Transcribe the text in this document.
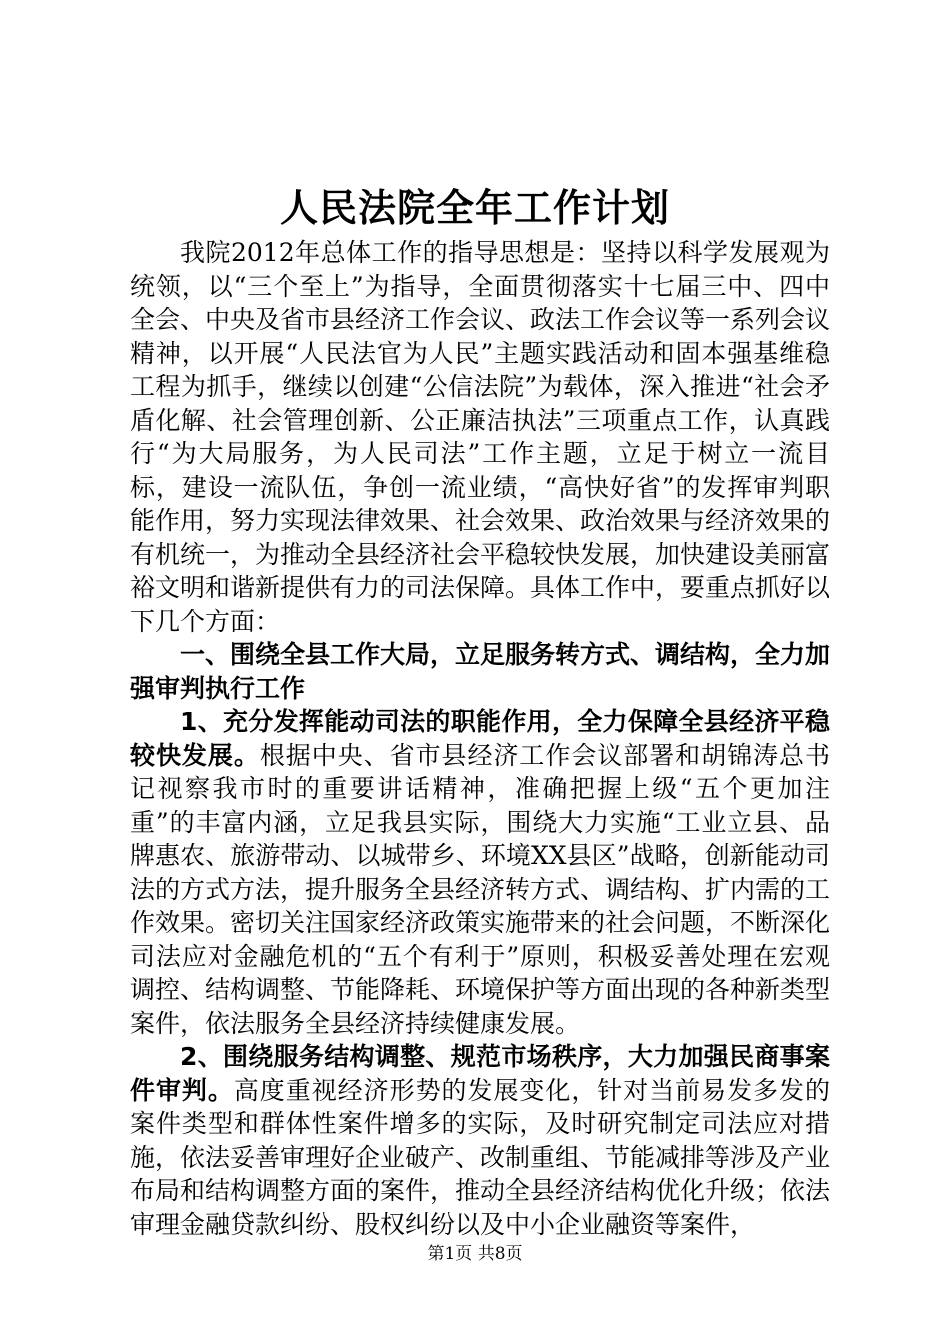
人民法院全年工作计划

我院2012年总体工作的指导思想是：坚持以科学发展观为统领，以“三个至上”为指导，全面贯彻落实十七届三中、四中全会、中央及省市县经济工作会议、政法工作会议等一系列会议精神，以开展“人民法官为人民”主题实践活动和固本强基维稳工程为抓手，继续以创建“公信法院”为载体，深入推进“社会矛盾化解、社会管理创新、公正廉洁执法”三项重点工作，认真践行“为大局服务，为人民司法”工作主题，立足于树立一流目标，建设一流队伍，争创一流业绩，“高快好省”的发挥审判职能作用，努力实现法律效果、社会效果、政治效果与经济效果的有机统一，为推动全县经济社会平稳较快发展，加快建设美丽富裕文明和谐新提供有力的司法保障。具体工作中，要重点抓好以下几个方面：

一、围绕全县工作大局，立足服务转方式、调结构，全力加强审判执行工作

1、充分发挥能动司法的职能作用，全力保障全县经济平稳较快发展。根据中央、省市县经济工作会议部署和胡锦涛总书记视察我市时的重要讲话精神，准确把握上级“五个更加注重”的丰富内涵，立足我县实际，围绕大力实施“工业立县、品牌惠农、旅游带动、以城带乡、环境XX县区”战略，创新能动司法的方式方法，提升服务全县经济转方式、调结构、扩内需的工作效果。密切关注国家经济政策实施带来的社会问题，不断深化司法应对金融危机的“五个有利于”原则，积极妥善处理在宏观调控、结构调整、节能降耗、环境保护等方面出现的各种新类型案件，依法服务全县经济持续健康发展。

2、围绕服务结构调整、规范市场秩序，大力加强民商事案件审判。高度重视经济形势的发展变化，针对当前易发多发的案件类型和群体性案件增多的实际，及时研究制定司法应对措施，依法妥善审理好企业破产、改制重组、节能减排等涉及产业布局和结构调整方面的案件，推动全县经济结构优化升级；依法审理金融贷款纠纷、股权纠纷以及中小企业融资等案件，

第1页 共8页
